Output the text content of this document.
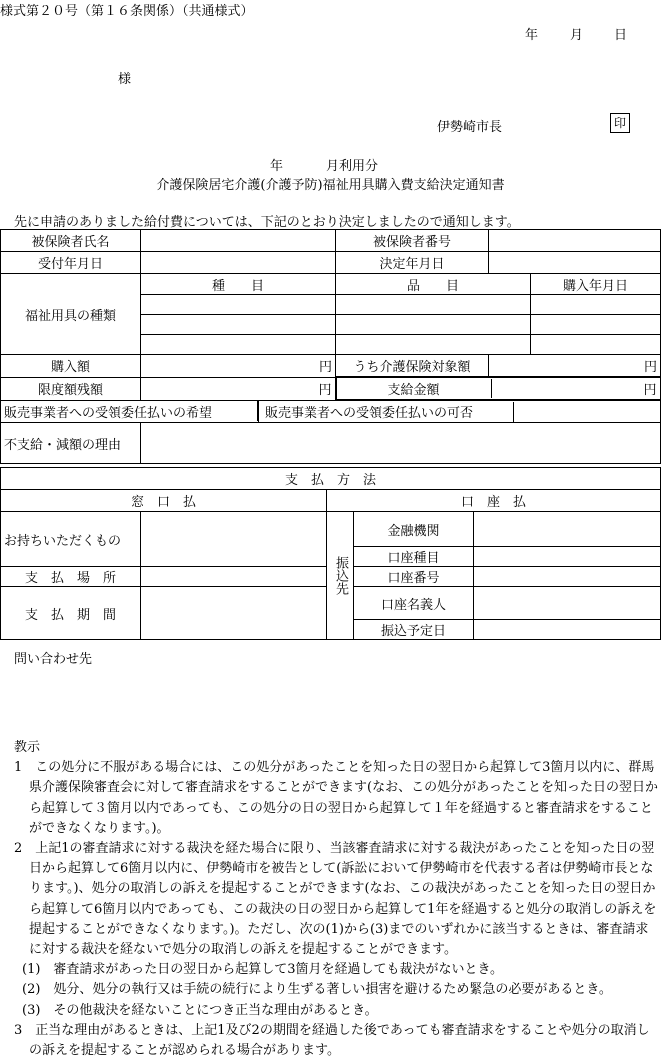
様式第２０号（第１６条関係）（共通様式）
年 月 日
様
伊勢崎市長	印
年	月利用分
介護保険居宅介護(介護予防)福祉用具購入費支給決定通知書
先に申請のありました給付費については、下記のとおり決定しましたので通知します。
被保険者氏名		被保険者番号	
受付年月日		決定年月日	
福祉用具の種類	種　　目	品　　目	購入年月日

購入額	円	うち介護保険対象額	円
限度額残額	円		支給金額	円

販売事業者への受領委任払いの希望	
		販売事業者への受領委任払いの可否	

不支給・減額の理由	
支　払　方　法				
窓　口　払		口　座　払		
お持ちいただくもの		振込先	金融機関	
			口座種目	
支　払　場　所			口座番号	
支　払　期　間			口座名義人	
			振込予定日	
問い合わせ先

教示

1　この処分に不服がある場合には、この処分があったことを知った日の翌日から起算して3箇月以内に、群馬県介護保険審査会に対して審査請求をすることができます(なお、この処分があったことを知った日の翌日から起算して３箇月以内であっても、この処分の日の翌日から起算して１年を経過すると審査請求をすることができなくなります。)。

2　上記1の審査請求に対する裁決を経た場合に限り、当該審査請求に対する裁決があったことを知った日の翌日から起算して6箇月以内に、伊勢崎市を被告として(訴訟において伊勢崎市を代表する者は伊勢崎市長となります。)、処分の取消しの訴えを提起することができます(なお、この裁決があったことを知った日の翌日から起算して6箇月以内であっても、この裁決の日の翌日から起算して1年を経過すると処分の取消しの訴えを提起することができなくなります。)。ただし、次の(1)から(3)までのいずれかに該当するときは、審査請求に対する裁決を経ないで処分の取消しの訴えを提起することができます。

(1)　審査請求があった日の翌日から起算して3箇月を経過しても裁決がないとき。

(2)　処分、処分の執行又は手続の続行により生ずる著しい損害を避けるため緊急の必要があるとき。

(3)　その他裁決を経ないことにつき正当な理由があるとき。

3　正当な理由があるときは、上記1及び2の期間を経過した後であっても審査請求をすることや処分の取消しの訴えを提起することが認められる場合があります。
